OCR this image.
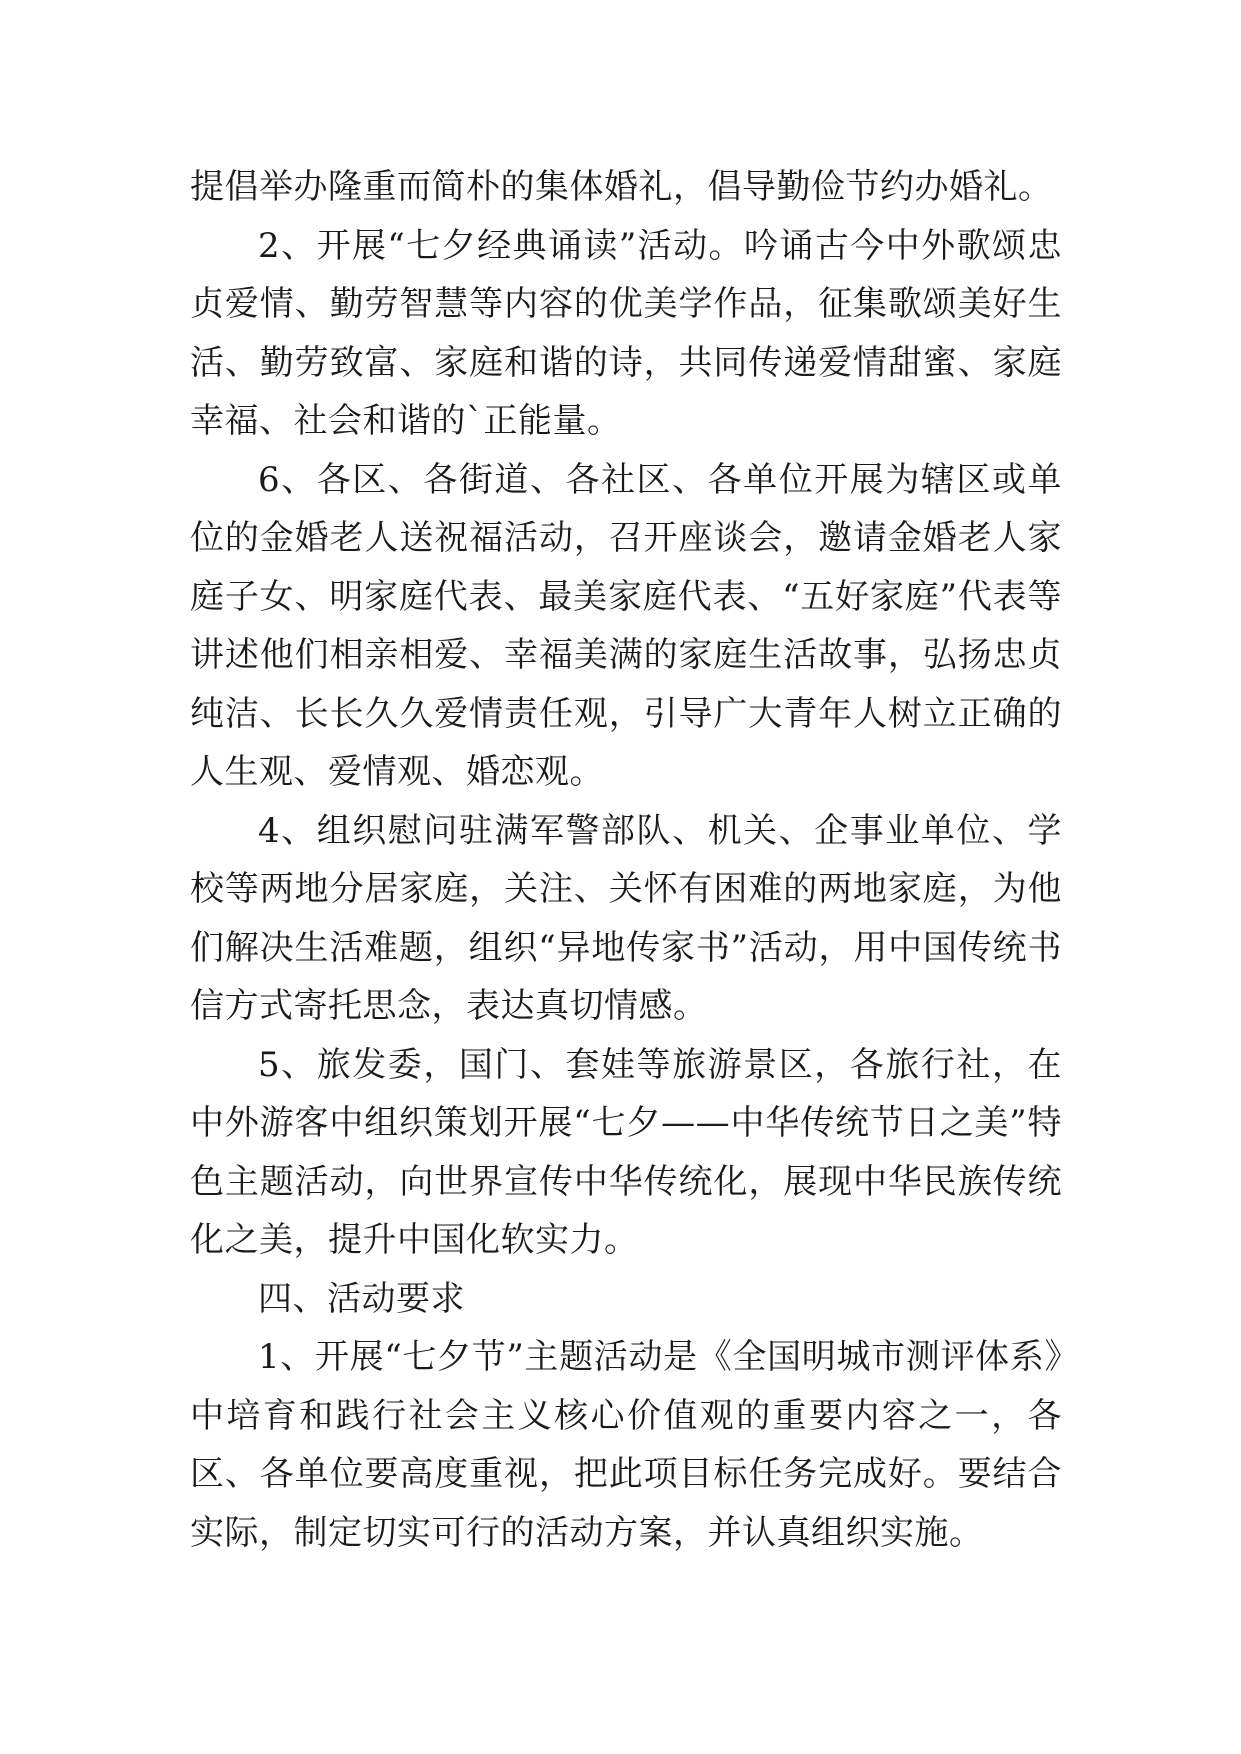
提倡举办隆重而简朴的集体婚礼，倡导勤俭节约办婚礼。

2、开展“七夕经典诵读”活动。吟诵古今中外歌颂忠贞爱情、勤劳智慧等内容的优美学作品，征集歌颂美好生活、勤劳致富、家庭和谐的诗，共同传递爱情甜蜜、家庭幸福、社会和谐的`正能量。

6、各区、各街道、各社区、各单位开展为辖区或单位的金婚老人送祝福活动，召开座谈会，邀请金婚老人家庭子女、明家庭代表、最美家庭代表、“五好家庭”代表等讲述他们相亲相爱、幸福美满的家庭生活故事，弘扬忠贞纯洁、长长久久爱情责任观，引导广大青年人树立正确的人生观、爱情观、婚恋观。

4、组织慰问驻满军警部队、机关、企事业单位、学校等两地分居家庭，关注、关怀有困难的两地家庭，为他们解决生活难题，组织“异地传家书”活动，用中国传统书信方式寄托思念，表达真切情感。

5、旅发委，国门、套娃等旅游景区，各旅行社，在中外游客中组织策划开展“七夕——中华传统节日之美”特色主题活动，向世界宣传中华传统化，展现中华民族传统化之美，提升中国化软实力。

四、活动要求

1、开展“七夕节”主题活动是《全国明城市测评体系》中培育和践行社会主义核心价值观的重要内容之一，各区、各单位要高度重视，把此项目标任务完成好。要结合实际，制定切实可行的活动方案，并认真组织实施。
